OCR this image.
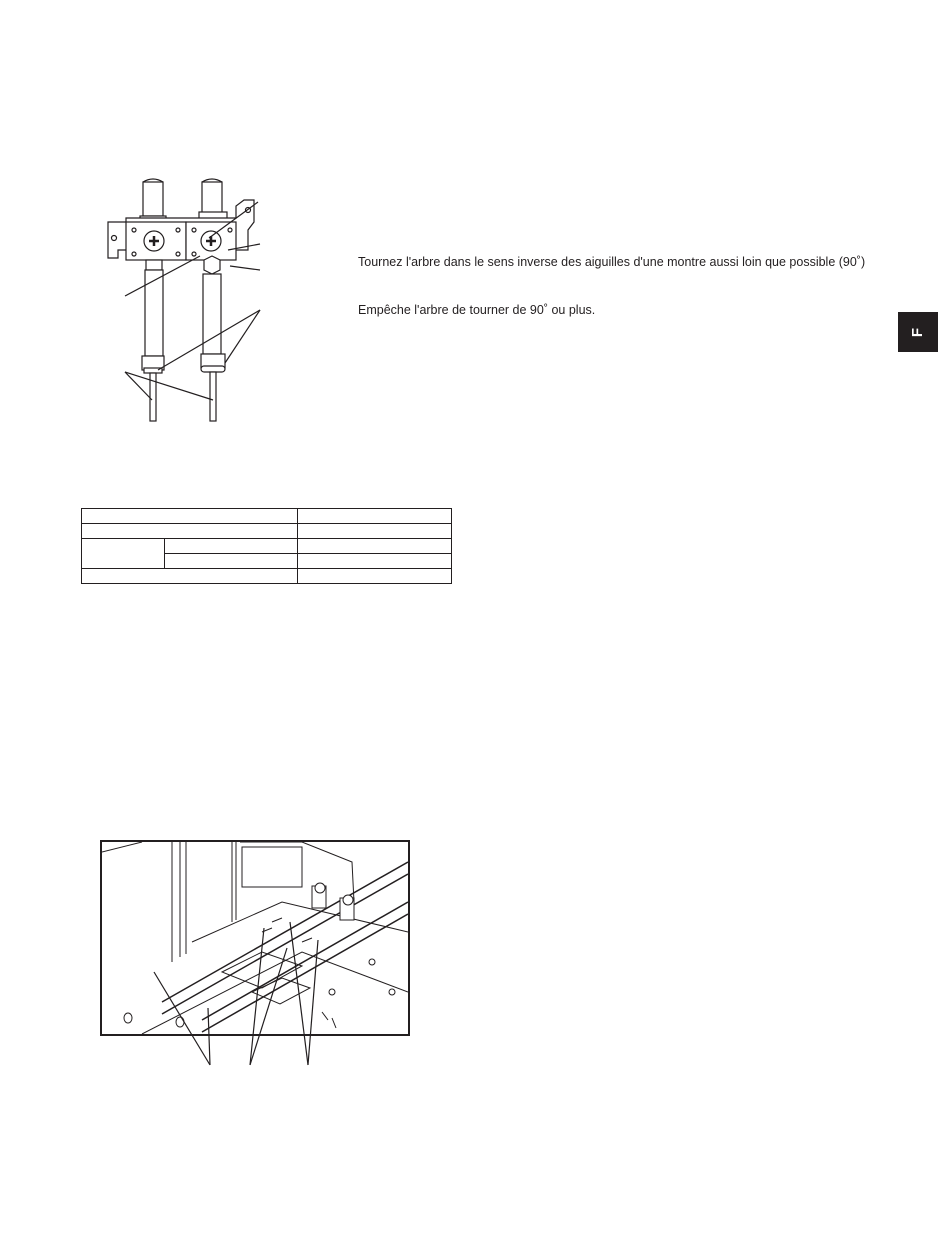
Tournez l'arbre dans le sens inverse des aiguilles d'une montre aussi loin que possible (90˚)
Empêche l'arbre de tourner de 90˚ ou plus.
F
